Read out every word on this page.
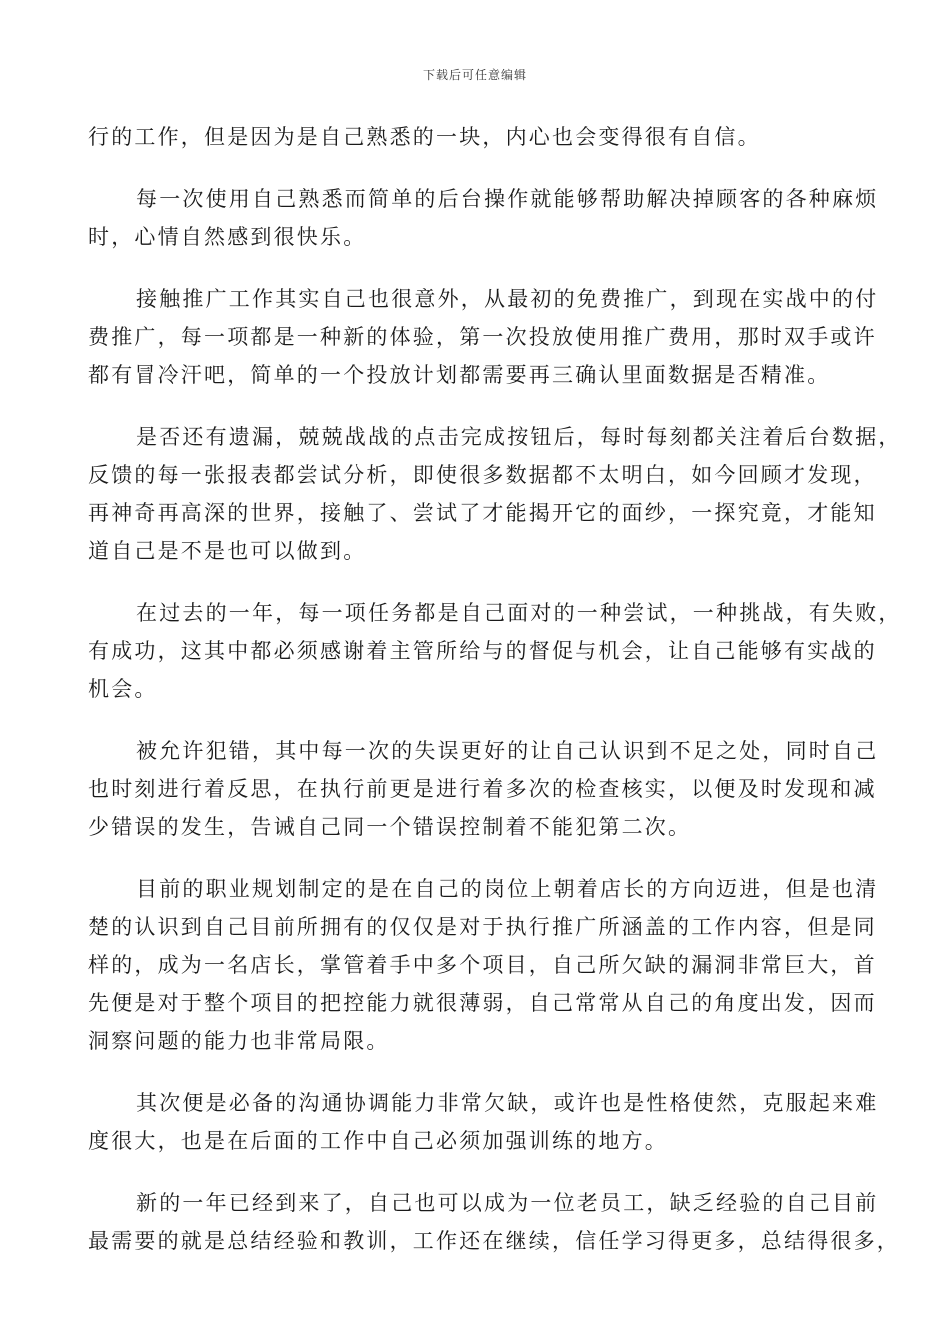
下载后可任意编辑

行的工作，但是因为是自己熟悉的一块，内心也会变得很有自信。

每一次使用自己熟悉而简单的后台操作就能够帮助解决掉顾客的各种麻烦
时，心情自然感到很快乐。

接触推广工作其实自己也很意外，从最初的免费推广，到现在实战中的付
费推广，每一项都是一种新的体验，第一次投放使用推广费用，那时双手或许
都有冒冷汗吧，简单的一个投放计划都需要再三确认里面数据是否精准。

是否还有遗漏，兢兢战战的点击完成按钮后，每时每刻都关注着后台数据，
反馈的每一张报表都尝试分析，即使很多数据都不太明白，如今回顾才发现，
再神奇再高深的世界，接触了、尝试了才能揭开它的面纱，一探究竟，才能知
道自己是不是也可以做到。

在过去的一年，每一项任务都是自己面对的一种尝试，一种挑战，有失败，
有成功，这其中都必须感谢着主管所给与的督促与机会，让自己能够有实战的
机会。

被允许犯错，其中每一次的失误更好的让自己认识到不足之处，同时自己
也时刻进行着反思，在执行前更是进行着多次的检查核实，以便及时发现和减
少错误的发生，告诫自己同一个错误控制着不能犯第二次。

目前的职业规划制定的是在自己的岗位上朝着店长的方向迈进，但是也清
楚的认识到自己目前所拥有的仅仅是对于执行推广所涵盖的工作内容，但是同
样的，成为一名店长，掌管着手中多个项目，自己所欠缺的漏洞非常巨大，首
先便是对于整个项目的把控能力就很薄弱，自己常常从自己的角度出发，因而
洞察问题的能力也非常局限。

其次便是必备的沟通协调能力非常欠缺，或许也是性格使然，克服起来难
度很大，也是在后面的工作中自己必须加强训练的地方。

新的一年已经到来了，自己也可以成为一位老员工，缺乏经验的自己目前
最需要的就是总结经验和教训，工作还在继续，信任学习得更多，总结得很多，
